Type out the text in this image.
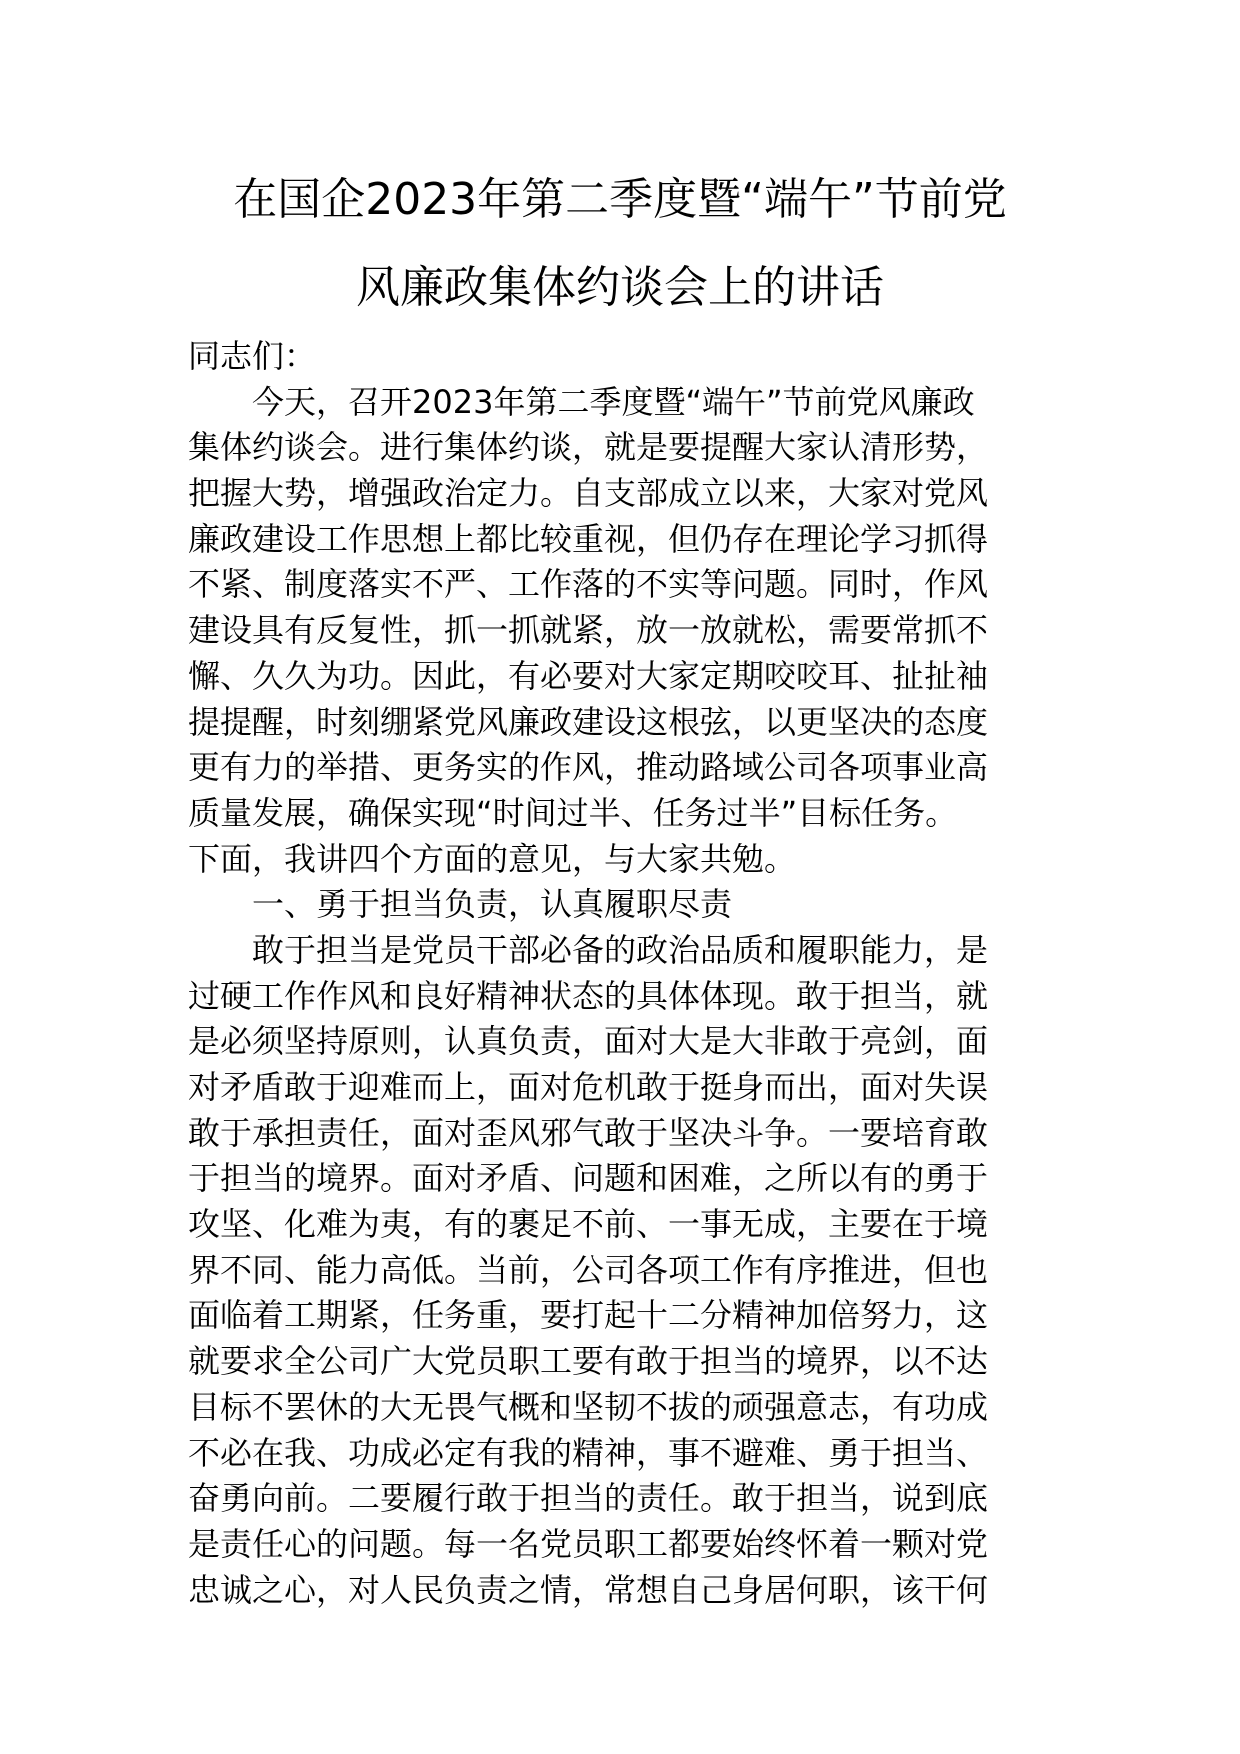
在国企2023年第二季度暨“端午”节前党
风廉政集体约谈会上的讲话
同志们：
今天，召开2023年第二季度暨“端午”节前党风廉政
集体约谈会。进行集体约谈，就是要提醒大家认清形势，
把握大势，增强政治定力。自支部成立以来，大家对党风
廉政建设工作思想上都比较重视，但仍存在理论学习抓得
不紧、制度落实不严、工作落的不实等问题。同时，作风
建设具有反复性，抓一抓就紧，放一放就松，需要常抓不
懈、久久为功。因此，有必要对大家定期咬咬耳、扯扯袖
提提醒，时刻绷紧党风廉政建设这根弦，以更坚决的态度
更有力的举措、更务实的作风，推动路域公司各项事业高
质量发展，确保实现“时间过半、任务过半”目标任务。
下面，我讲四个方面的意见，与大家共勉。
一、勇于担当负责，认真履职尽责
敢于担当是党员干部必备的政治品质和履职能力，是
过硬工作作风和良好精神状态的具体体现。敢于担当，就
是必须坚持原则，认真负责，面对大是大非敢于亮剑，面
对矛盾敢于迎难而上，面对危机敢于挺身而出，面对失误
敢于承担责任，面对歪风邪气敢于坚决斗争。一要培育敢
于担当的境界。面对矛盾、问题和困难，之所以有的勇于
攻坚、化难为夷，有的裹足不前、一事无成，主要在于境
界不同、能力高低。当前，公司各项工作有序推进，但也
面临着工期紧，任务重，要打起十二分精神加倍努力，这
就要求全公司广大党员职工要有敢于担当的境界，以不达
目标不罢休的大无畏气概和坚韧不拔的顽强意志，有功成
不必在我、功成必定有我的精神，事不避难、勇于担当、
奋勇向前。二要履行敢于担当的责任。敢于担当，说到底
是责任心的问题。每一名党员职工都要始终怀着一颗对党
忠诚之心，对人民负责之情，常想自己身居何职，该干何
